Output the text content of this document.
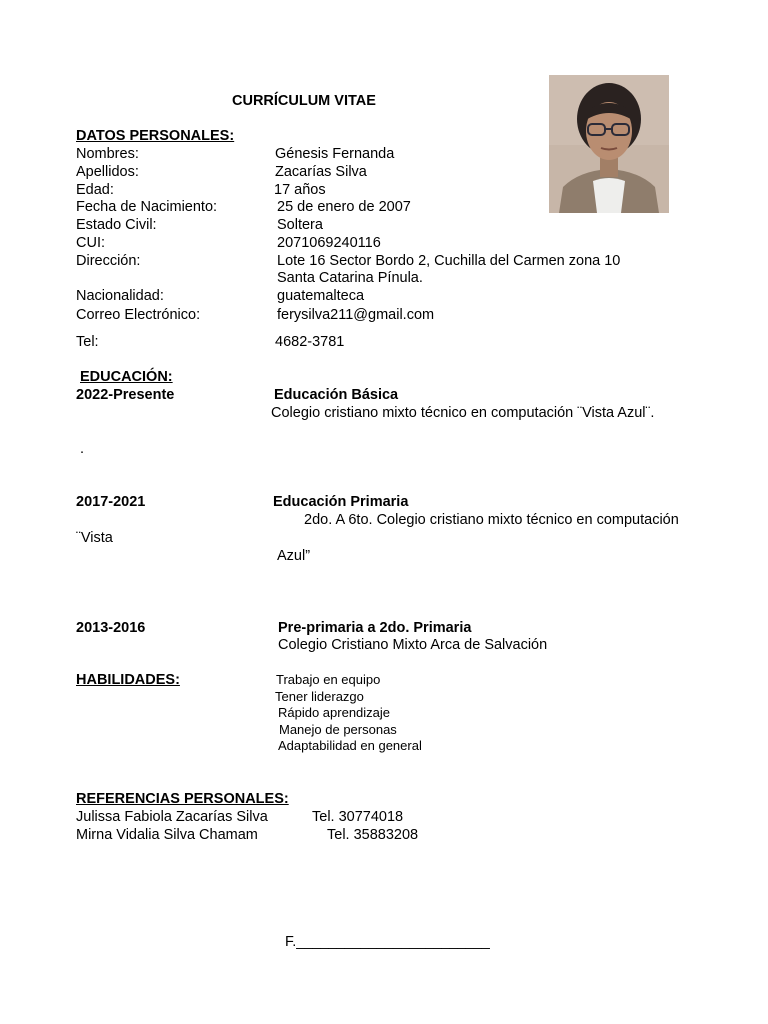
CURRÍCULUM VITAE
DATOS PERSONALES:
Nombres:	Génesis Fernanda
Apellidos:	Zacarías Silva
Edad:	17 años
Fecha de Nacimiento:	25 de enero de 2007
Estado Civil:	Soltera
CUI:	2071069240116
Dirección:	Lote 16 Sector Bordo 2, Cuchilla del Carmen zona 10
Santa Catarina Pínula.
Nacionalidad:	guatemalteca
Correo Electrónico:	ferysilva211@gmail.com
Tel:	4682-3781
EDUCACIÓN:
2022-Presente	Educación Básica
Colegio cristiano mixto técnico en computación ¨Vista Azul¨.
.
2017-2021	Educación Primaria
2do. A 6to. Colegio cristiano mixto técnico en computación
¨Vista
Azul”
2013-2016	Pre-primaria a 2do. Primaria
Colegio Cristiano Mixto Arca de Salvación
HABILIDADES:	Trabajo en equipo
Tener liderazgo
Rápido aprendizaje
Manejo de personas
Adaptabilidad en general
REFERENCIAS PERSONALES:
Julissa Fabiola Zacarías Silva	Tel. 30774018
Mirna Vidalia Silva Chamam	Tel. 35883208
F.________________________
